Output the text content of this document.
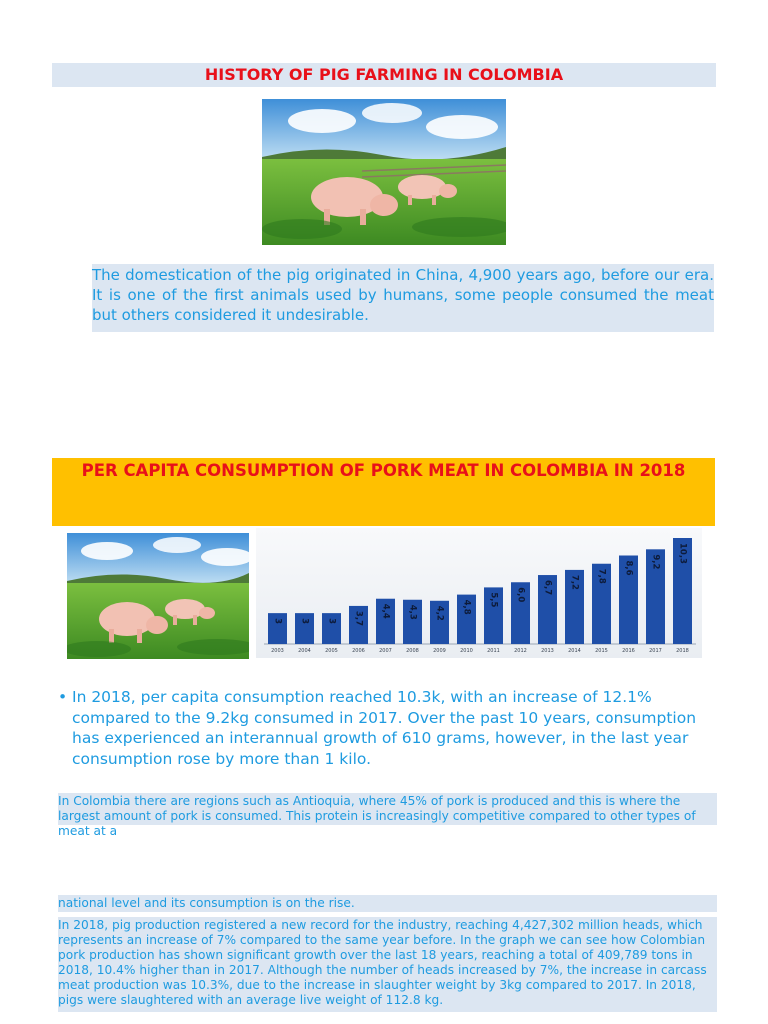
HISTORY OF PIG FARMING IN COLOMBIA
The domestication of the pig originated in China, 4,900 years ago, before our era. It is one of the first animals used by humans, some people consumed the meat but others considered it undesirable.
PER CAPITA CONSUMPTION OF PORK MEAT IN COLOMBIA IN 2018
3
2003
3
2004
3
2005
3,7
2006
4,4
2007
4,3
2008
4,2
2009
4,8
2010
5,5
2011
6,0
2012
6,7
2013
7,2
2014
7,8
2015
8,6
2016
9,2
2017
10,3
2018
• In 2018, per capita consumption reached 10.3k, with an increase of 12.1% compared to the 9.2kg consumed in 2017. Over the past 10 years, consumption has experienced an interannual growth of 610 grams, however, in the last year consumption rose by more than 1 kilo.
In Colombia there are regions such as Antioquia, where 45% of pork is produced and this is where the largest amount of pork is consumed. This protein is increasingly competitive compared to other types of meat at a
national level and its consumption is on the rise.
In 2018, pig production registered a new record for the industry, reaching 4,427,302 million heads, which represents an increase of 7% compared to the same year before. In the graph we can see how Colombian pork production has shown significant growth over the last 18 years, reaching a total of 409,789 tons in 2018, 10.4% higher than in 2017. Although the number of heads increased by 7%, the increase in carcass meat production was 10.3%, due to the increase in slaughter weight by 3kg compared to 2017. In 2018, pigs were slaughtered with an average live weight of 112.8 kg.
